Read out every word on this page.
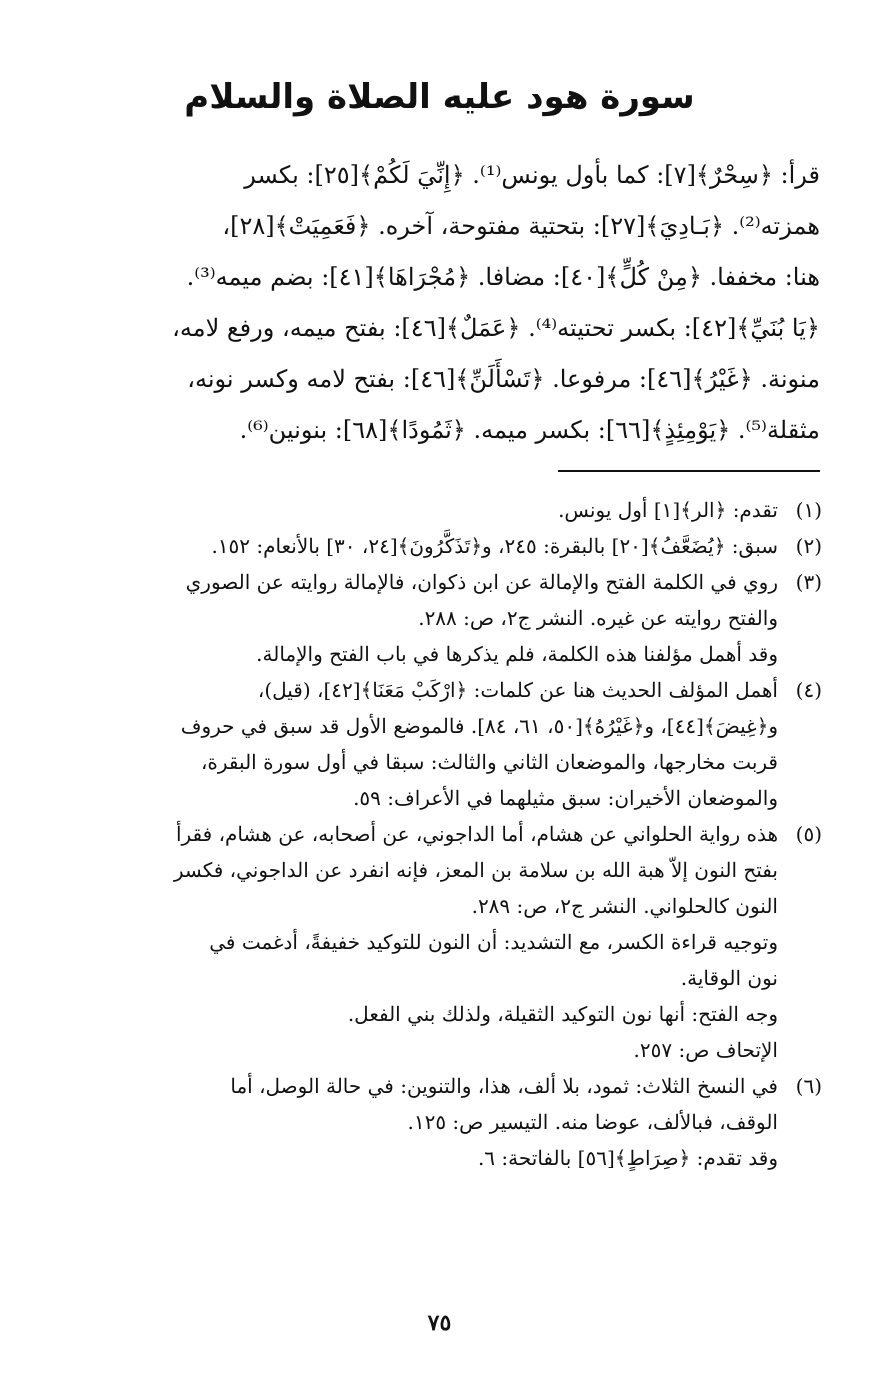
سورة هود عليه الصلاة والسلام
قرأ: ﴿سِحْرٌ﴾[٧]: كما بأول يونس⁽¹⁾. ﴿إِنِّيَ لَكُمْ﴾[٢٥]: بكسر
همزته⁽²⁾. ﴿بَـادِيَ﴾[٢٧]: بتحتية مفتوحة، آخره. ﴿فَعَمِيَتْ﴾[٢٨]،
هنا: مخففا. ﴿مِنْ كُلٍّ﴾[٤٠]: مضافا. ﴿مُجْرَاهَا﴾[٤١]: بضم ميمه⁽³⁾.
﴿يَا بُنَيِّ﴾[٤٢]: بكسر تحتيته⁽⁴⁾. ﴿عَمَلٌ﴾[٤٦]: بفتح ميمه، ورفع لامه،
منونة. ﴿غَيْرُ﴾[٤٦]: مرفوعا. ﴿تَسْأَلَنِّ﴾[٤٦]: بفتح لامه وكسر نونه،
مثقلة⁽⁵⁾. ﴿يَوْمِئِذٍ﴾[٦٦]: بكسر ميمه. ﴿ثَمُودًا﴾[٦٨]: بنونين⁽⁶⁾.
(١)
تقدم: ﴿الر﴾[١] أول يونس.
(٢)
سبق: ﴿يُضَعَّفُ﴾[٢٠] بالبقرة: ٢٤٥، و﴿تَذَكَّرُونَ﴾[٢٤، ٣٠] بالأنعام: ١٥٢.
(٣)
روي في الكلمة الفتح والإمالة عن ابن ذكوان، فالإمالة روايته عن الصوري
والفتح روايته عن غيره. النشر ج٢، ص: ٢٨٨.
وقد أهمل مؤلفنا هذه الكلمة، فلم يذكرها في باب الفتح والإمالة.
(٤)
أهمل المؤلف الحديث هنا عن كلمات: ﴿ارْكَبْ مَعَنَا﴾[٤٢]، (قيل)،
و﴿غِيضَ﴾[٤٤]، و﴿غَيْرُهُ﴾[٥٠، ٦١، ٨٤]. فالموضع الأول قد سبق في حروف
قربت مخارجها، والموضعان الثاني والثالث: سبقا في أول سورة البقرة،
والموضعان الأخيران: سبق مثيلهما في الأعراف: ٥٩.
(٥)
هذه رواية الحلواني عن هشام، أما الداجوني، عن أصحابه، عن هشام، فقرأ
بفتح النون إلاّ هبة الله بن سلامة بن المعز، فإنه انفرد عن الداجوني، فكسر
النون كالحلواني. النشر ج٢، ص: ٢٨٩.
وتوجيه قراءة الكسر، مع التشديد: أن النون للتوكيد خفيفةً، أدغمت في
نون الوقاية.
وجه الفتح: أنها نون التوكيد الثقيلة، ولذلك بني الفعل.
الإتحاف ص: ٢٥٧.
(٦)
في النسخ الثلاث: ثمود، بلا ألف، هذا، والتنوين: في حالة الوصل، أما
الوقف، فبالألف، عوضا منه. التيسير ص: ١٢٥.
وقد تقدم: ﴿صِرَاطٍ﴾[٥٦] بالفاتحة: ٦.
٧٥
